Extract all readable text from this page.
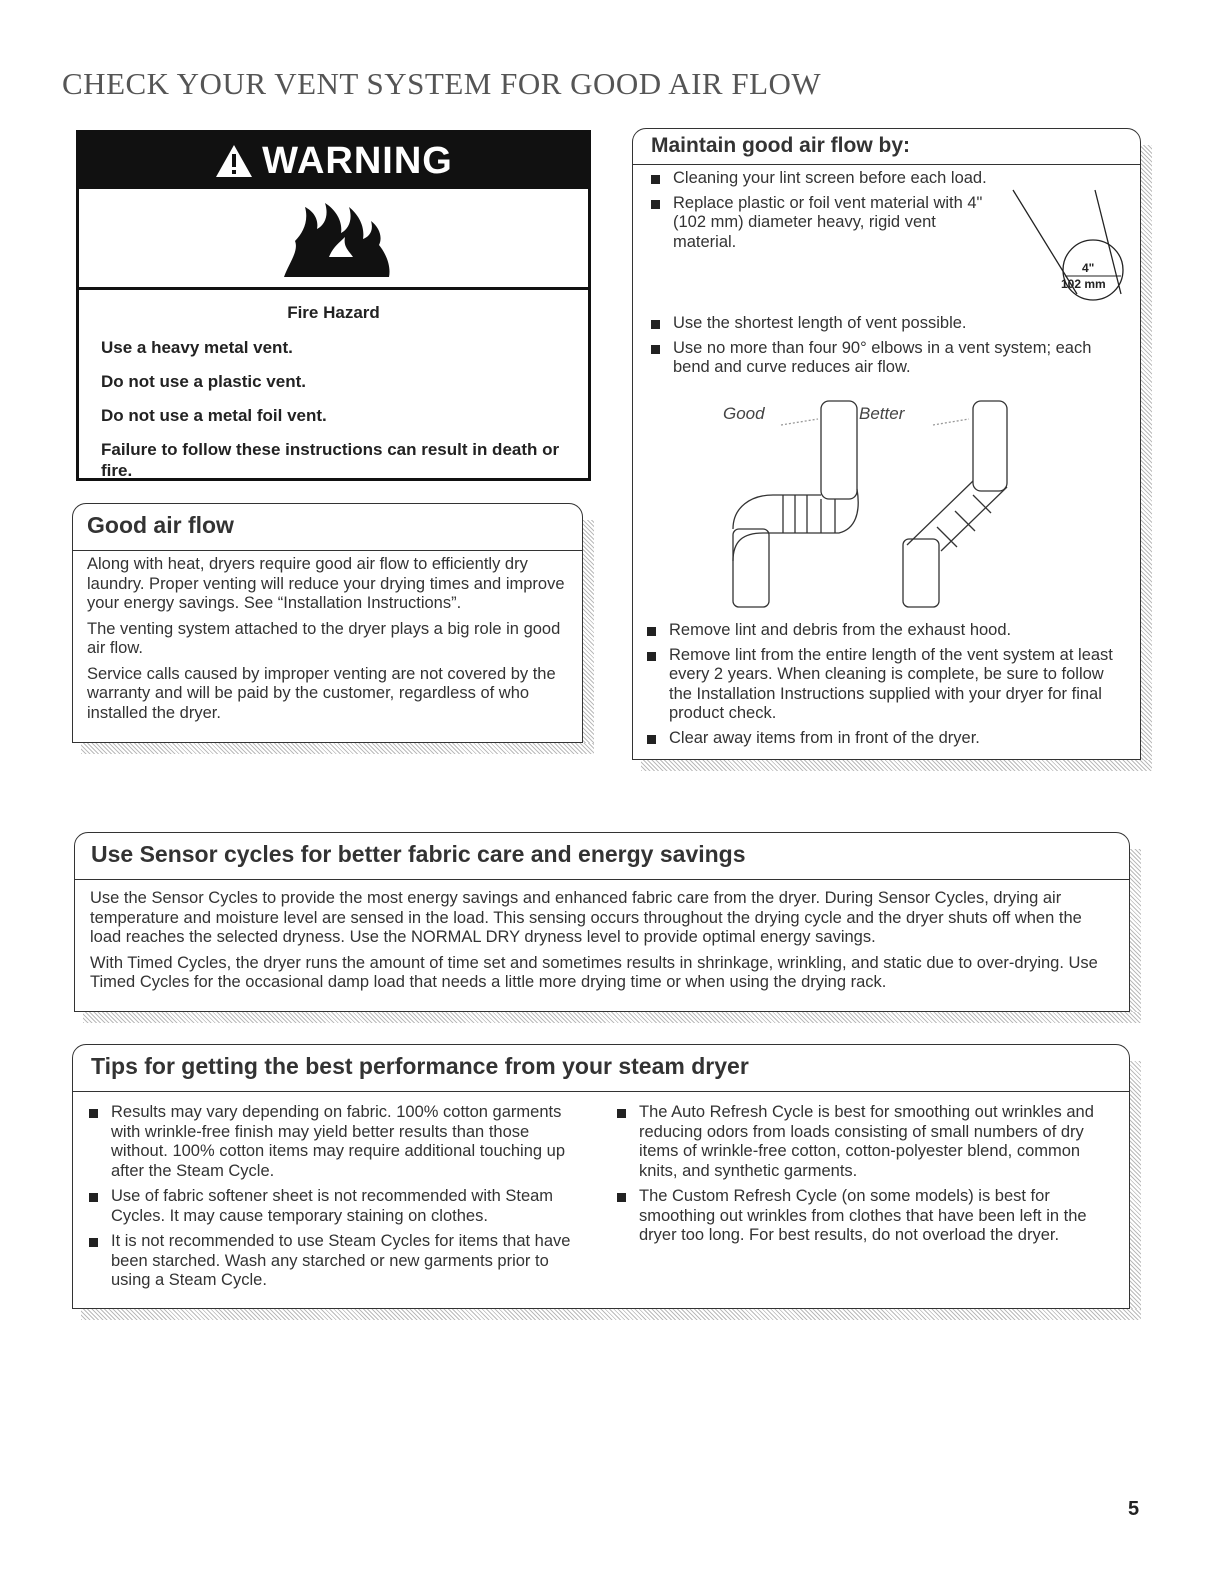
CHECK YOUR VENT SYSTEM FOR GOOD AIR FLOW
WARNING

Fire Hazard

Use a heavy metal vent.

Do not use a plastic vent.

Do not use a metal foil vent.

Failure to follow these instructions can result in death or fire.

Good air flow

Along with heat, dryers require good air flow to efficiently dry laundry. Proper venting will reduce your drying times and improve your energy savings. See “Installation Instructions”.

The venting system attached to the dryer plays a big role in good air flow.

Service calls caused by improper venting are not covered by the warranty and will be paid by the customer, regardless of who installed the dryer.

Maintain good air flow by:
Cleaning your lint screen before each load.
Replace plastic or foil vent material with 4" (102 mm) diameter heavy, rigid vent material.
4"
102 mm
Use the shortest length of vent possible.
Use no more than four 90° elbows in a vent system; each bend and curve reduces air flow.
Good	Better
Remove lint and debris from the exhaust hood.
Remove lint from the entire length of the vent system at least every 2 years. When cleaning is complete, be sure to follow the Installation Instructions supplied with your dryer for final product check.
Clear away items from in front of the dryer.
Use Sensor cycles for better fabric care and energy savings

Use the Sensor Cycles to provide the most energy savings and enhanced fabric care from the dryer. During Sensor Cycles, drying air temperature and moisture level are sensed in the load. This sensing occurs throughout the drying cycle and the dryer shuts off when the load reaches the selected dryness. Use the NORMAL DRY dryness level to provide optimal energy savings.

With Timed Cycles, the dryer runs the amount of time set and sometimes results in shrinkage, wrinkling, and static due to over-drying. Use Timed Cycles for the occasional damp load that needs a little more drying time or when using the drying rack.

Tips for getting the best performance from your steam dryer
Results may vary depending on fabric. 100% cotton garments with wrinkle-free finish may yield better results than those without. 100% cotton items may require additional touching up after the Steam Cycle.
Use of fabric softener sheet is not recommended with Steam Cycles. It may cause temporary staining on clothes.
It is not recommended to use Steam Cycles for items that have been starched. Wash any starched or new garments prior to using a Steam Cycle.
The Auto Refresh Cycle is best for smoothing out wrinkles and reducing odors from loads consisting of small numbers of dry items of wrinkle-free cotton, cotton-polyester blend, common knits, and synthetic garments.
The Custom Refresh Cycle (on some models) is best for smoothing out wrinkles from clothes that have been left in the dryer too long. For best results, do not overload the dryer.
5
